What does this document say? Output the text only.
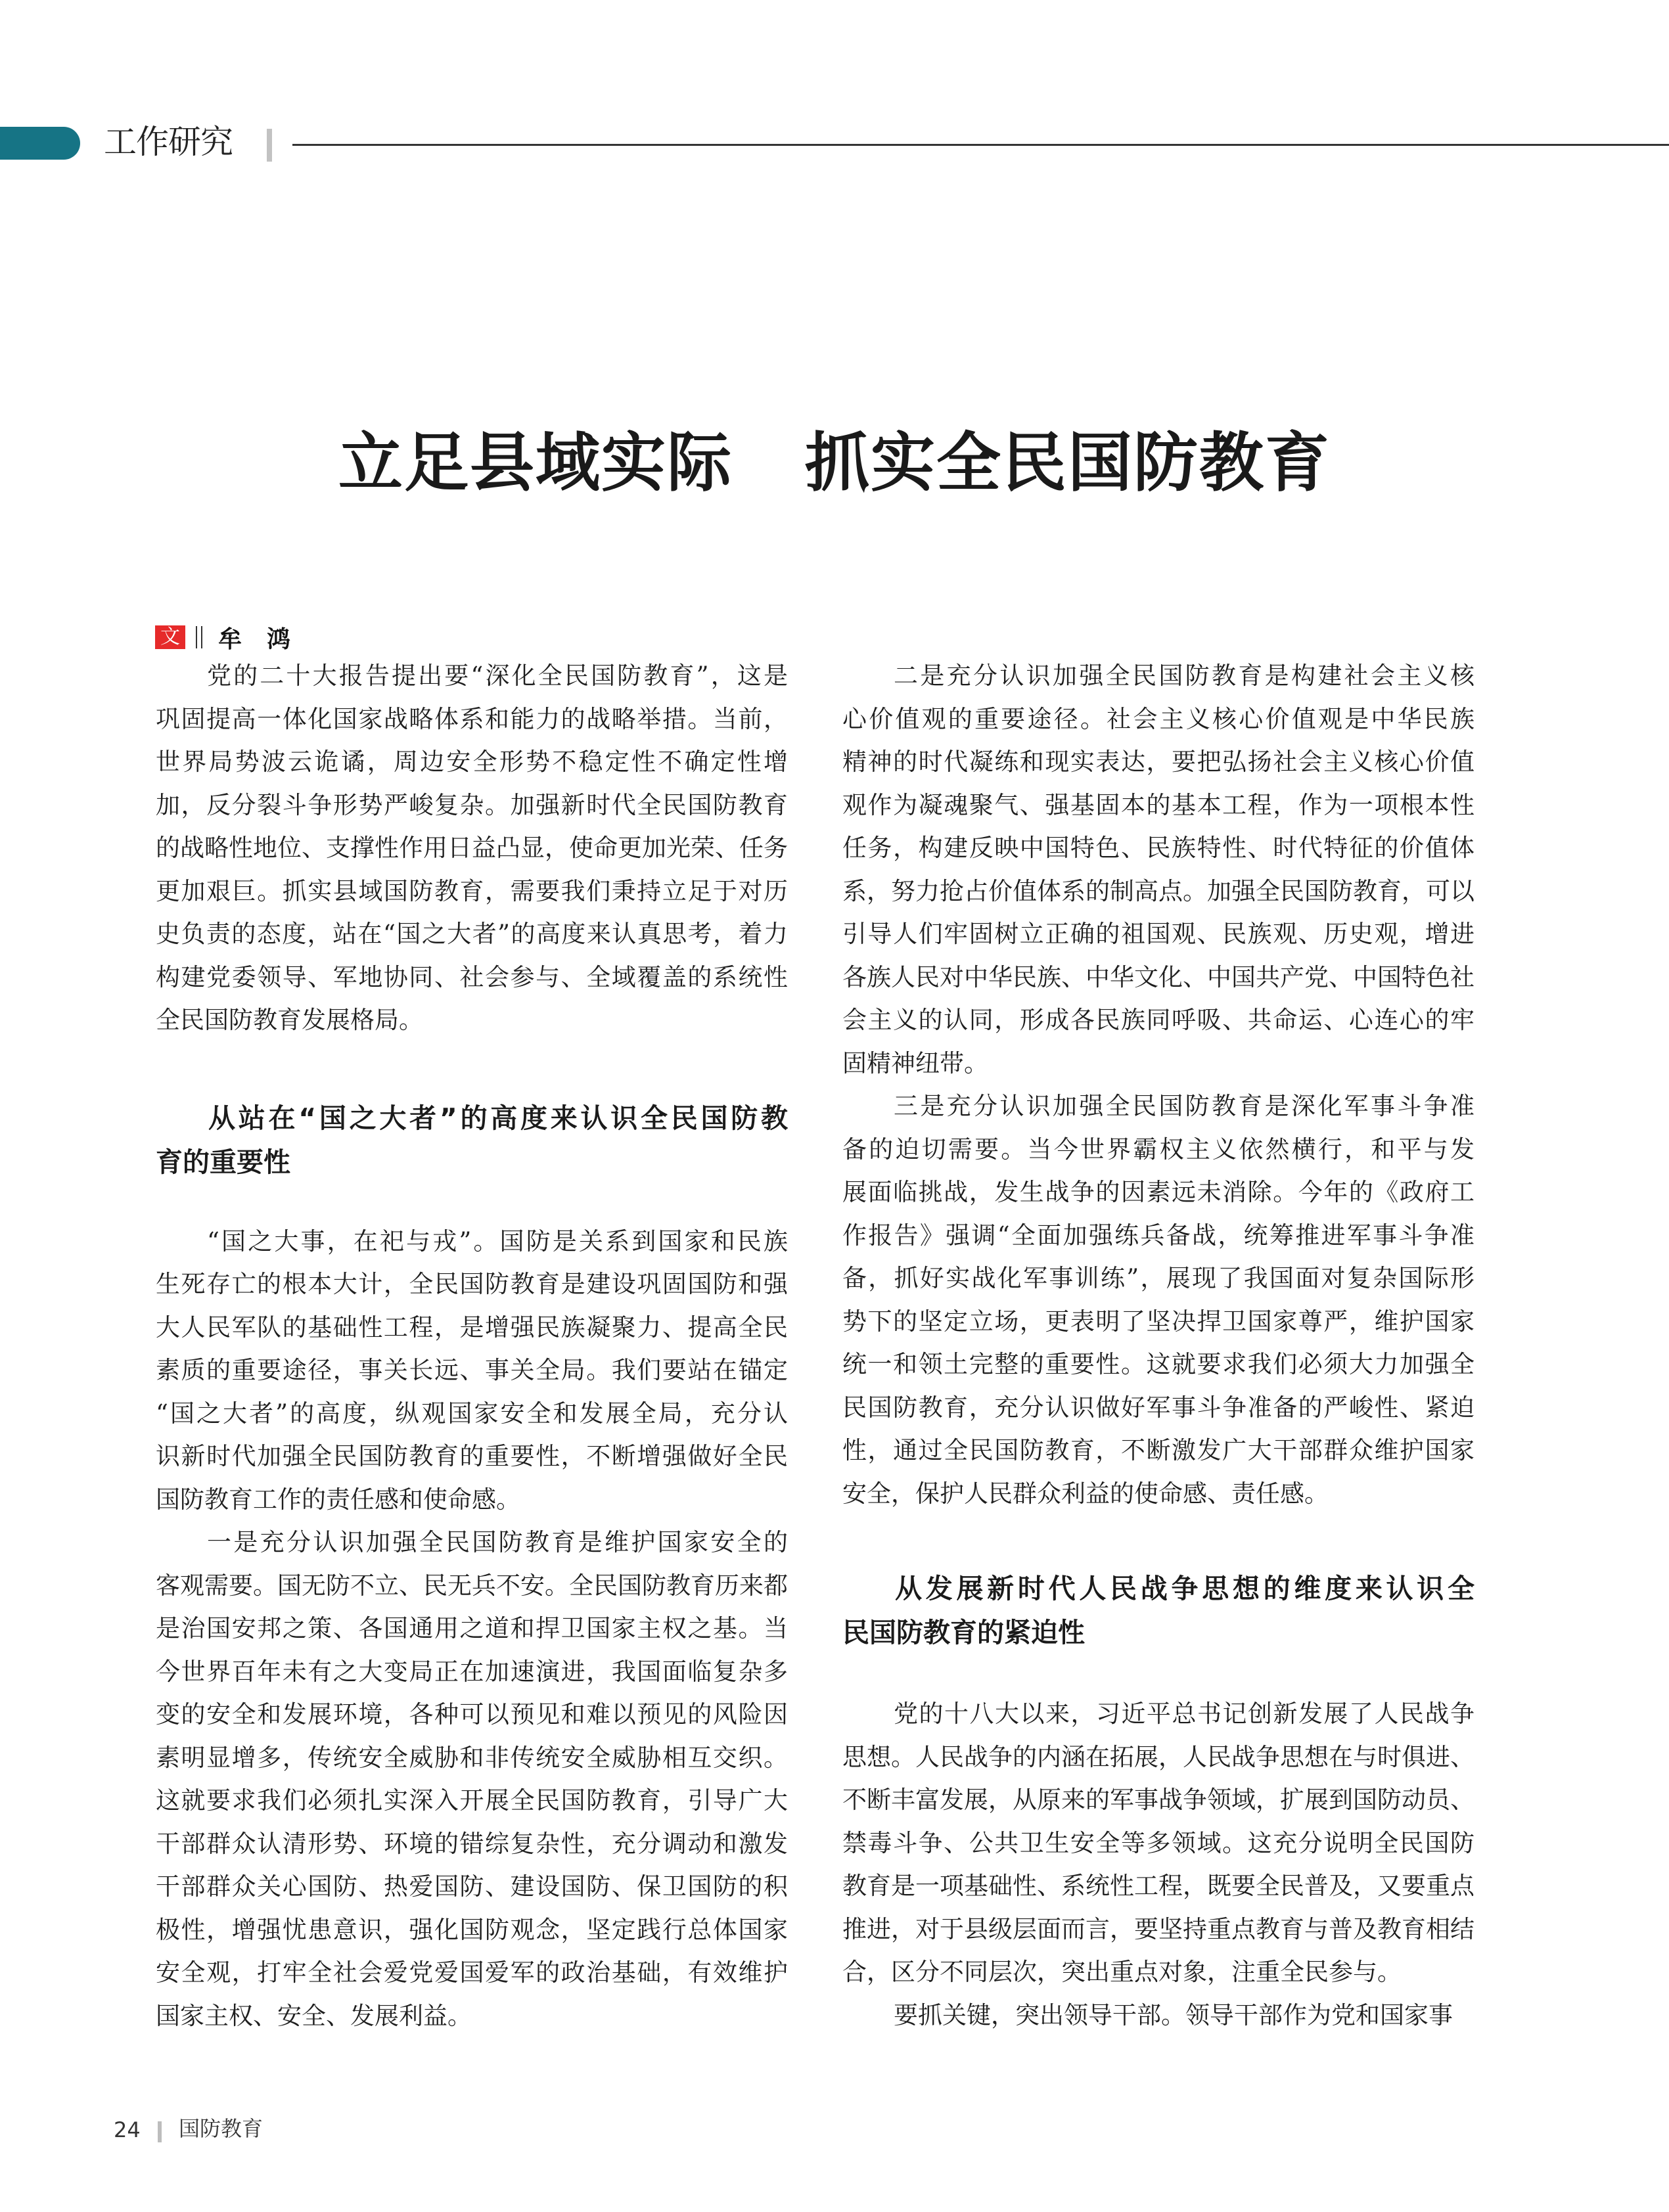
工作研究
立足县域实际 抓实全民国防教育
文 牟鸿
党的二十大报告提出要“深化全民国防教育”，这是
巩固提高一体化国家战略体系和能力的战略举措。当前，
世界局势波云诡谲，周边安全形势不稳定性不确定性增
加，反分裂斗争形势严峻复杂。加强新时代全民国防教育
的战略性地位、支撑性作用日益凸显，使命更加光荣、任务
更加艰巨。抓实县域国防教育，需要我们秉持立足于对历
史负责的态度，站在“国之大者”的高度来认真思考，着力
构建党委领导、军地协同、社会参与、全域覆盖的系统性
全民国防教育发展格局。
从站在“国之大者”的高度来认识全民国防教
育的重要性
“国之大事，在祀与戎”。国防是关系到国家和民族
生死存亡的根本大计，全民国防教育是建设巩固国防和强
大人民军队的基础性工程，是增强民族凝聚力、提高全民
素质的重要途径，事关长远、事关全局。我们要站在锚定
“国之大者”的高度，纵观国家安全和发展全局，充分认
识新时代加强全民国防教育的重要性，不断增强做好全民
国防教育工作的责任感和使命感。
一是充分认识加强全民国防教育是维护国家安全的
客观需要。国无防不立、民无兵不安。全民国防教育历来都
是治国安邦之策、各国通用之道和捍卫国家主权之基。当
今世界百年未有之大变局正在加速演进，我国面临复杂多
变的安全和发展环境，各种可以预见和难以预见的风险因
素明显增多，传统安全威胁和非传统安全威胁相互交织。
这就要求我们必须扎实深入开展全民国防教育，引导广大
干部群众认清形势、环境的错综复杂性，充分调动和激发
干部群众关心国防、热爱国防、建设国防、保卫国防的积
极性，增强忧患意识，强化国防观念，坚定践行总体国家
安全观，打牢全社会爱党爱国爱军的政治基础，有效维护
国家主权、安全、发展利益。
二是充分认识加强全民国防教育是构建社会主义核
心价值观的重要途径。社会主义核心价值观是中华民族
精神的时代凝练和现实表达，要把弘扬社会主义核心价值
观作为凝魂聚气、强基固本的基本工程，作为一项根本性
任务，构建反映中国特色、民族特性、时代特征的价值体
系，努力抢占价值体系的制高点。加强全民国防教育，可以
引导人们牢固树立正确的祖国观、民族观、历史观，增进
各族人民对中华民族、中华文化、中国共产党、中国特色社
会主义的认同，形成各民族同呼吸、共命运、心连心的牢
固精神纽带。
三是充分认识加强全民国防教育是深化军事斗争准
备的迫切需要。当今世界霸权主义依然横行，和平与发
展面临挑战，发生战争的因素远未消除。今年的《政府工
作报告》强调“全面加强练兵备战，统筹推进军事斗争准
备，抓好实战化军事训练”，展现了我国面对复杂国际形
势下的坚定立场，更表明了坚决捍卫国家尊严，维护国家
统一和领土完整的重要性。这就要求我们必须大力加强全
民国防教育，充分认识做好军事斗争准备的严峻性、紧迫
性，通过全民国防教育，不断激发广大干部群众维护国家
安全，保护人民群众利益的使命感、责任感。
从发展新时代人民战争思想的维度来认识全
民国防教育的紧迫性
党的十八大以来，习近平总书记创新发展了人民战争
思想。人民战争的内涵在拓展，人民战争思想在与时俱进、
不断丰富发展，从原来的军事战争领域，扩展到国防动员、
禁毒斗争、公共卫生安全等多领域。这充分说明全民国防
教育是一项基础性、系统性工程，既要全民普及，又要重点
推进，对于县级层面而言，要坚持重点教育与普及教育相结
合，区分不同层次，突出重点对象，注重全民参与。
要抓关键，突出领导干部。领导干部作为党和国家事
24 国防教育
